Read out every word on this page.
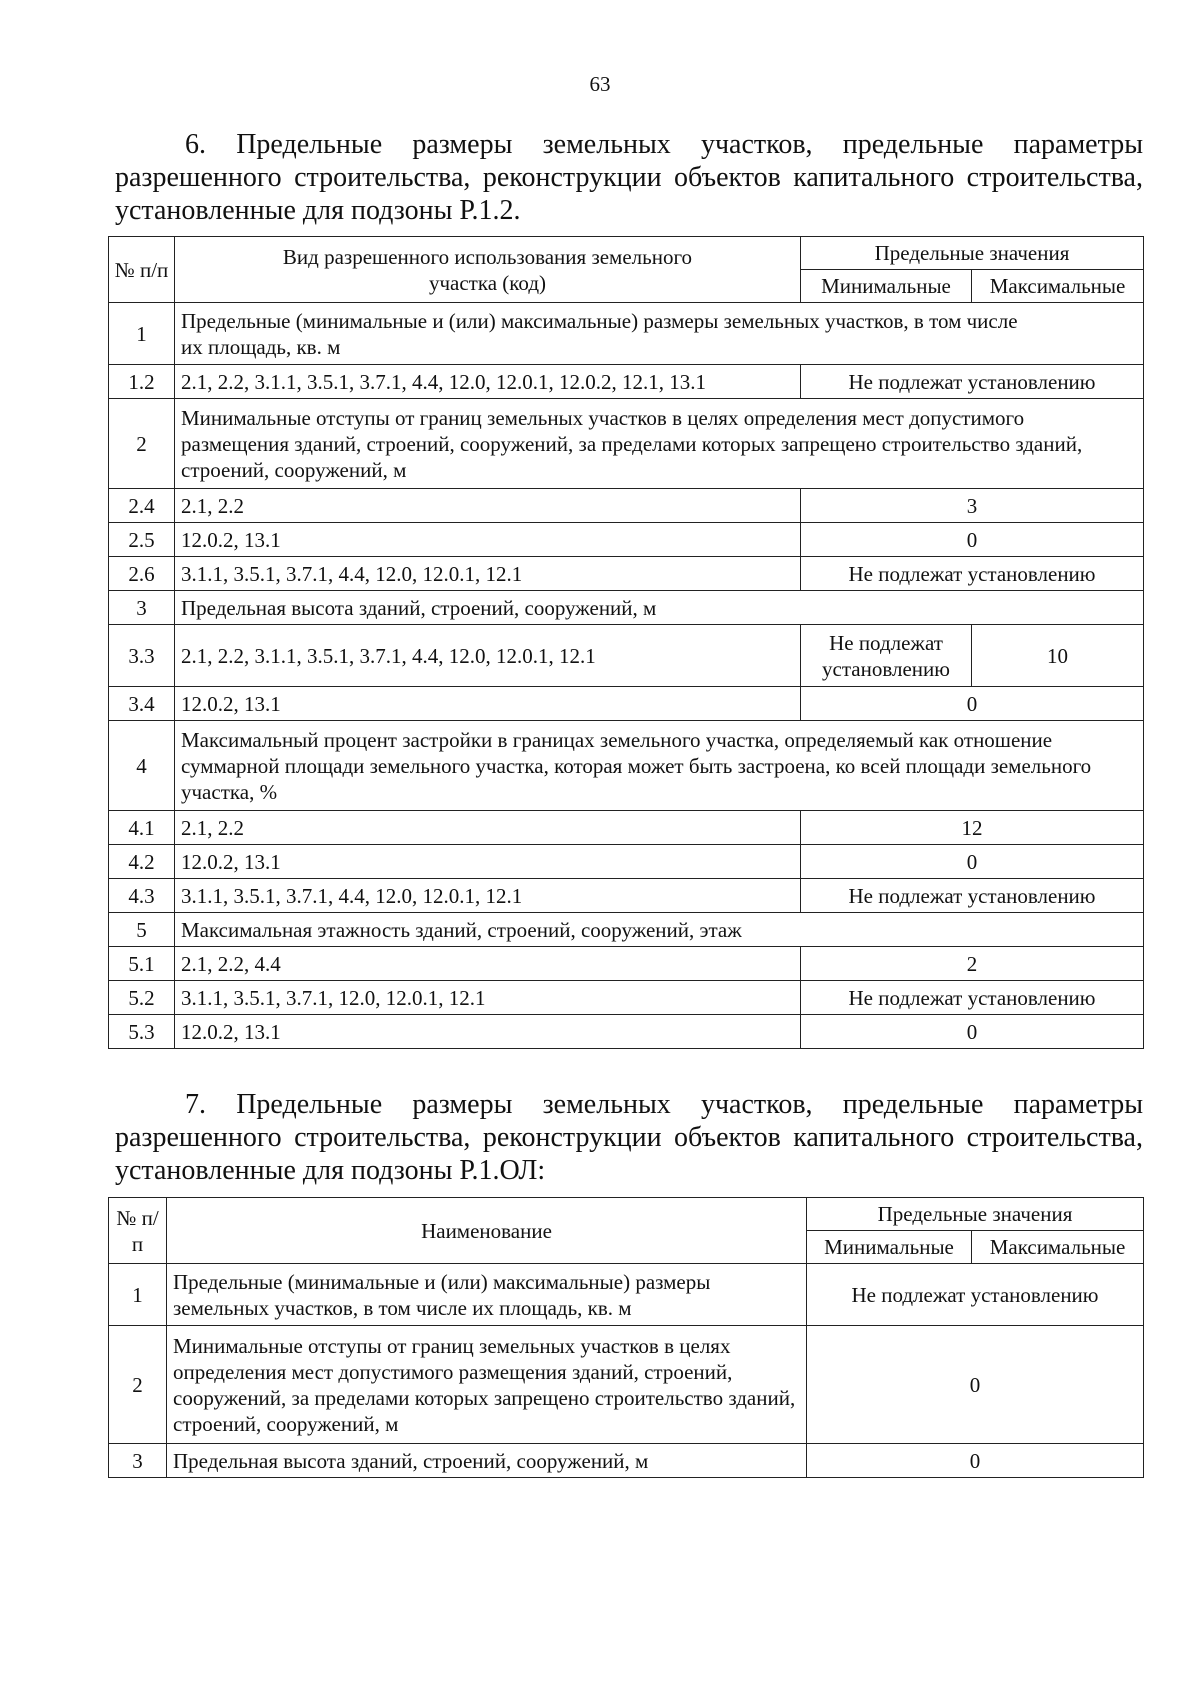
63
6. Предельные размеры земельных участков, предельные параметры разрешенного строительства, реконструкции объектов капитального строительства, установленные для подзоны Р.1.2.
№ п/п	Вид разрешенного использования земельного участка (код)	Предельные значения	
		Минимальные	Максимальные
1	Предельные (минимальные и (или) максимальные) размеры земельных участков, в том числе их площадь, кв. м		
1.2	2.1, 2.2, 3.1.1, 3.5.1, 3.7.1, 4.4, 12.0, 12.0.1, 12.0.2, 12.1, 13.1	Не подлежат установлению	
2	Минимальные отступы от границ земельных участков в целях определения мест допустимого размещения зданий, строений, сооружений, за пределами которых запрещено строительство зданий, строений, сооружений, м		
2.4	2.1, 2.2	3	
2.5	12.0.2, 13.1	0	
2.6	3.1.1, 3.5.1, 3.7.1, 4.4, 12.0, 12.0.1, 12.1	Не подлежат установлению	
3	Предельная высота зданий, строений, сооружений, м		
3.3	2.1, 2.2, 3.1.1, 3.5.1, 3.7.1, 4.4, 12.0, 12.0.1, 12.1	Не подлежат установлению	10
3.4	12.0.2, 13.1	0	
4	Максимальный процент застройки в границах земельного участка, определяемый как отношение суммарной площади земельного участка, которая может быть застроена, ко всей площади земельного участка, %		
4.1	2.1, 2.2	12	
4.2	12.0.2, 13.1	0	
4.3	3.1.1, 3.5.1, 3.7.1, 4.4, 12.0, 12.0.1, 12.1	Не подлежат установлению	
5	Максимальная этажность зданий, строений, сооружений, этаж		
5.1	2.1, 2.2, 4.4	2	
5.2	3.1.1, 3.5.1, 3.7.1, 12.0, 12.0.1, 12.1	Не подлежат установлению	
5.3	12.0.2, 13.1	0	
7. Предельные размеры земельных участков, предельные параметры разрешенного строительства, реконструкции объектов капитального строительства, установленные для подзоны Р.1.ОЛ:
№ п/п	Наименование	Предельные значения	
		Минимальные	Максимальные
1	Предельные (минимальные и (или) максимальные) размеры земельных участков, в том числе их площадь, кв. м	Не подлежат установлению	
2	Минимальные отступы от границ земельных участков в целях определения мест допустимого размещения зданий, строений, сооружений, за пределами которых запрещено строительство зданий, строений, сооружений, м	0	
3	Предельная высота зданий, строений, сооружений, м	0	
